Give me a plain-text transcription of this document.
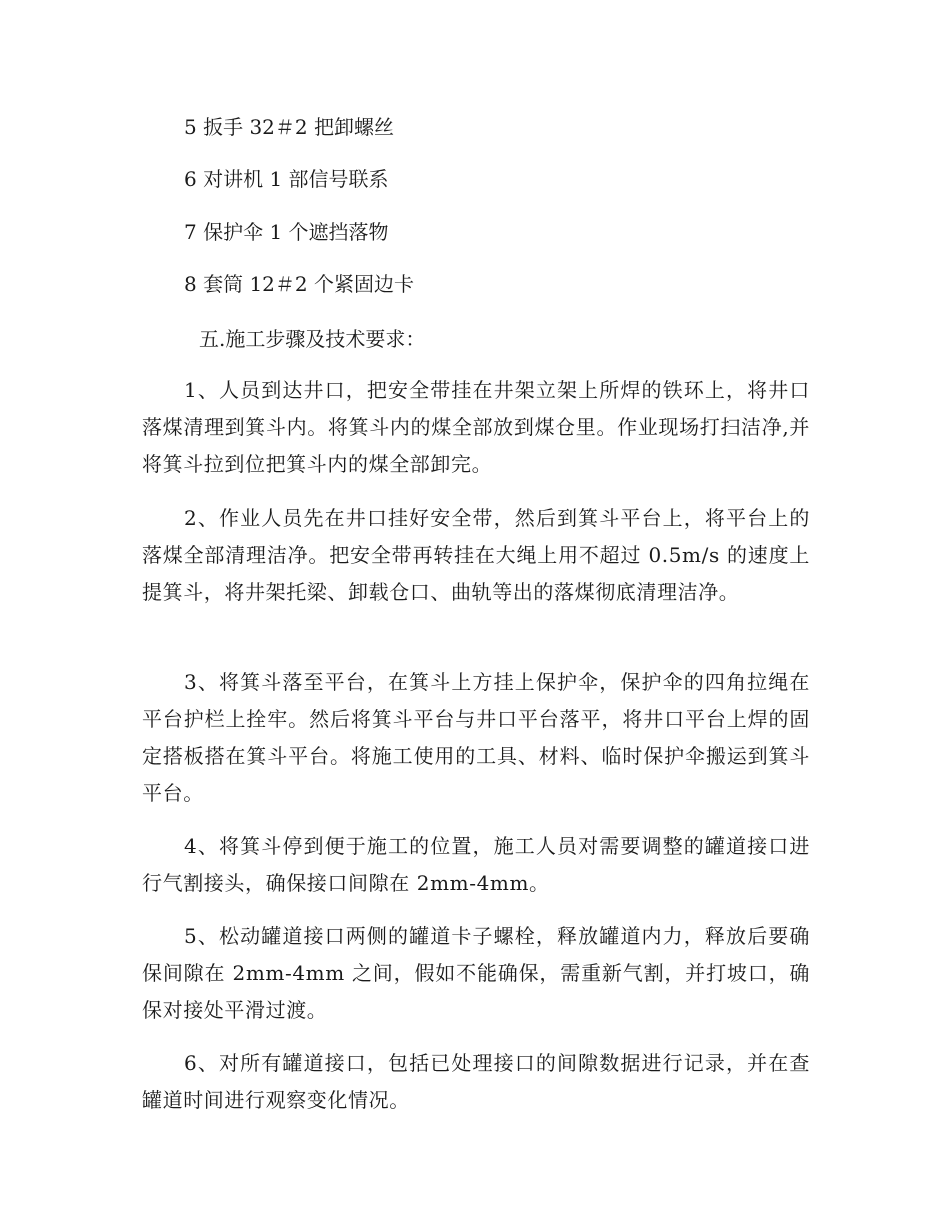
5 扳手 32＃2 把卸螺丝
6 对讲机 1 部信号联系
7 保护伞 1 个遮挡落物
8 套筒 12＃2 个紧固边卡
五.施工步骤及技术要求：

1、人员到达井口，把安全带挂在井架立架上所焊的铁环上，将井口落煤清理到箕斗内。将箕斗内的煤全部放到煤仓里。作业现场打扫洁净,并将箕斗拉到位把箕斗内的煤全部卸完。

2、作业人员先在井口挂好安全带，然后到箕斗平台上，将平台上的落煤全部清理洁净。把安全带再转挂在大绳上用不超过 0.5m/s 的速度上提箕斗，将井架托梁、卸载仓口、曲轨等出的落煤彻底清理洁净。

3、将箕斗落至平台，在箕斗上方挂上保护伞，保护伞的四角拉绳在平台护栏上拴牢。然后将箕斗平台与井口平台落平，将井口平台上焊的固定搭板搭在箕斗平台。将施工使用的工具、材料、临时保护伞搬运到箕斗平台。

4、将箕斗停到便于施工的位置，施工人员对需要调整的罐道接口进行气割接头，确保接口间隙在 2mm-4mm。

5、松动罐道接口两侧的罐道卡子螺栓，释放罐道内力，释放后要确保间隙在 2mm-4mm 之间，假如不能确保，需重新气割，并打坡口，确保对接处平滑过渡。

6、对所有罐道接口，包括已处理接口的间隙数据进行记录，并在查罐道时间进行观察变化情况。
